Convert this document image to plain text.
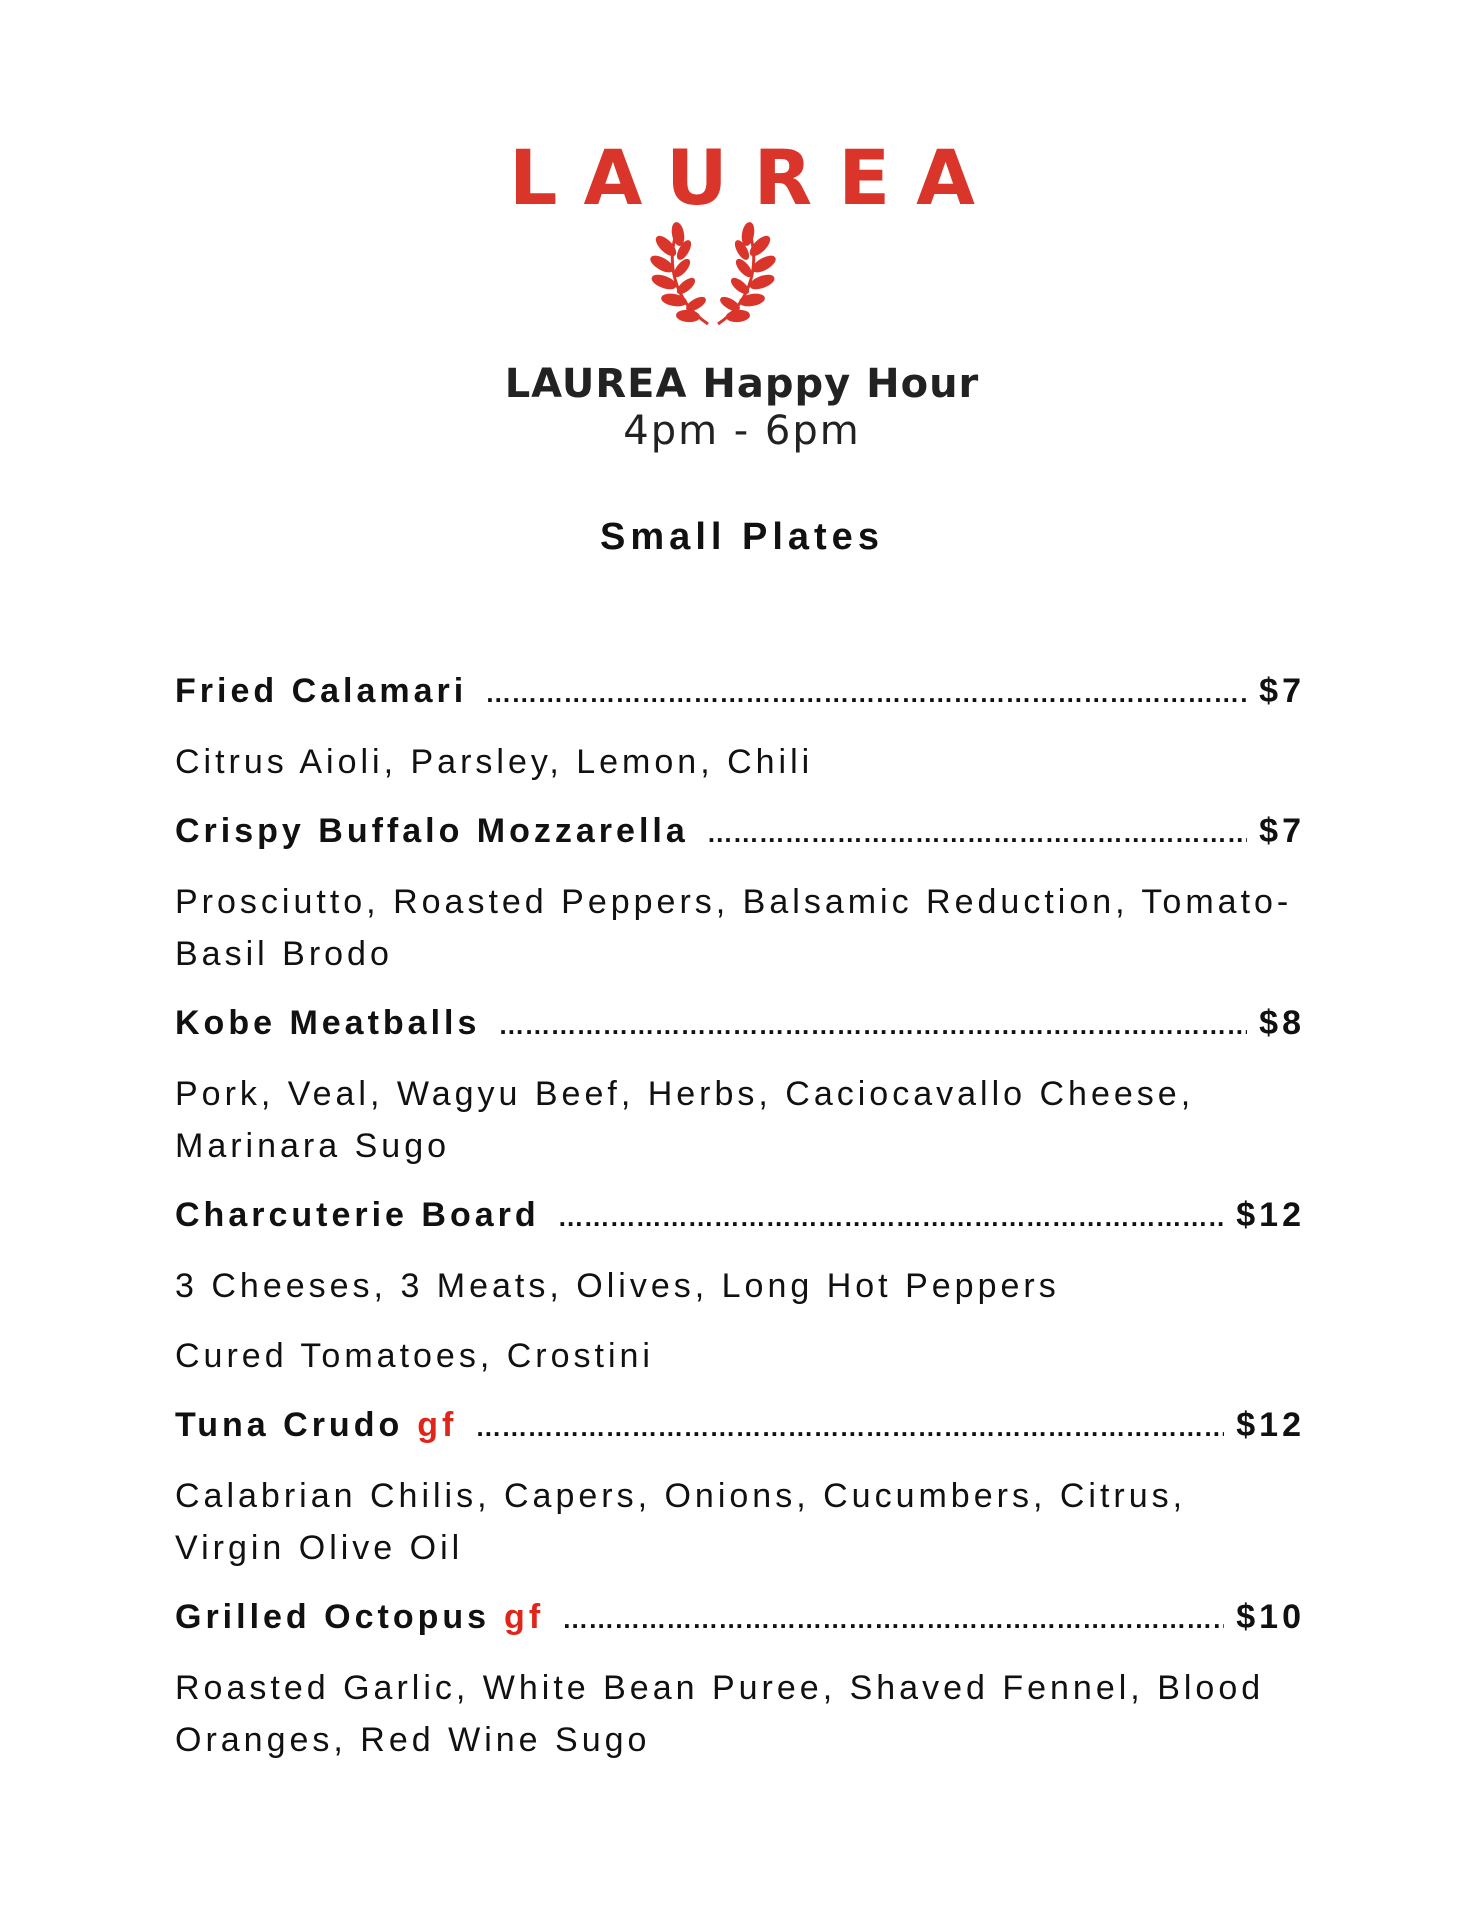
LAUREA
LAUREA Happy Hour
4pm - 6pm
Small Plates
Fried Calamari ……………………………………………………………………………………………………………………………………………………………………………	$7

Citrus Aioli, Parsley, Lemon, Chili

Crispy Buffalo Mozzarella ……………………………………………………………………………………………………………………………………………………………………………	$7

Prosciutto, Roasted Peppers, Balsamic Reduction, Tomato-Basil Brodo

Kobe Meatballs ……………………………………………………………………………………………………………………………………………………………………………	$8

Pork, Veal, Wagyu Beef, Herbs, Caciocavallo Cheese, Marinara Sugo

Charcuterie Board ……………………………………………………………………………………………………………………………………………………………………………	$12

3 Cheeses, 3 Meats, Olives, Long Hot Peppers

Cured Tomatoes, Crostini

Tuna Crudo gf ……………………………………………………………………………………………………………………………………………………………………………	$12

Calabrian Chilis, Capers, Onions, Cucumbers, Citrus, Virgin Olive Oil

Grilled Octopus gf ……………………………………………………………………………………………………………………………………………………………………………	$10

Roasted Garlic, White Bean Puree, Shaved Fennel, Blood Oranges, Red Wine Sugo
